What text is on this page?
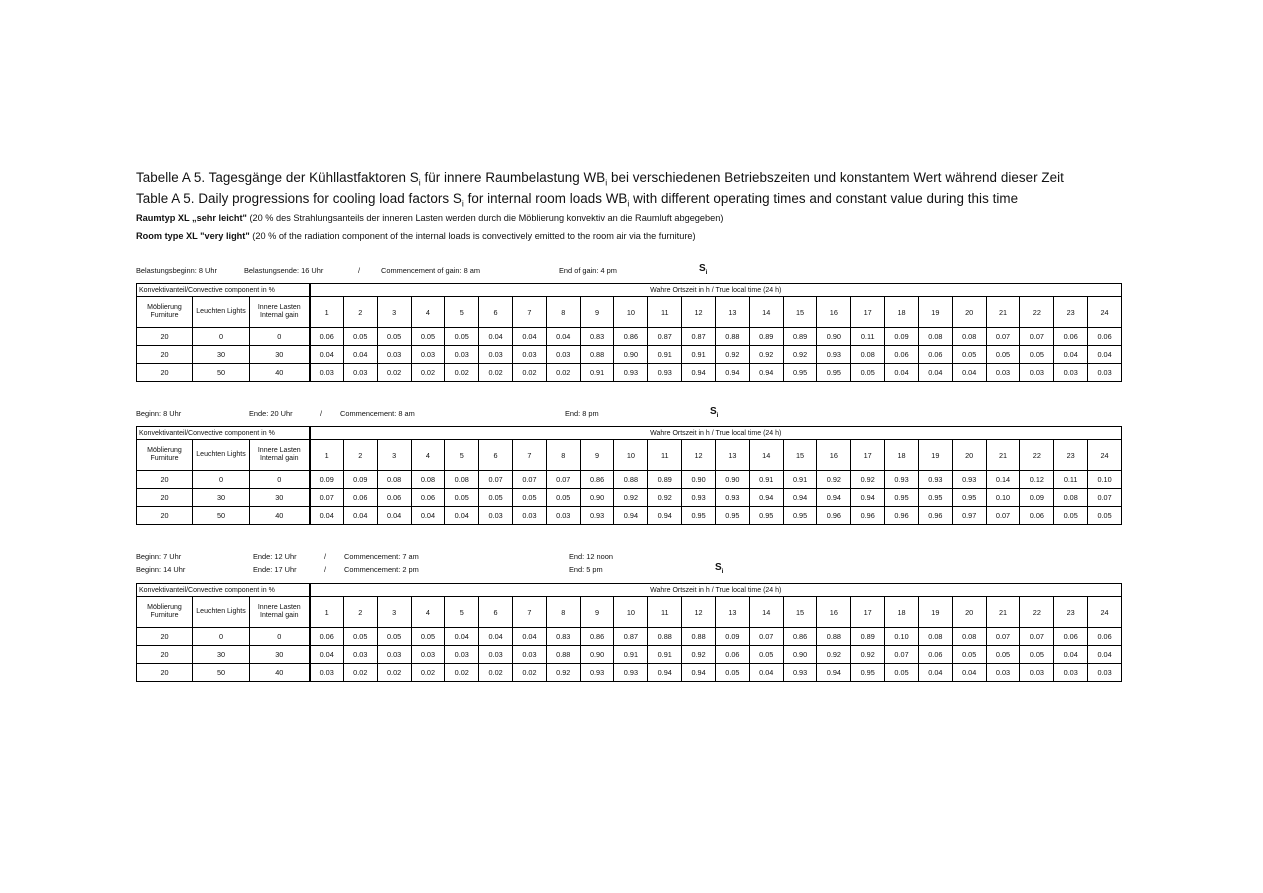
Tabelle A 5. Tagesgänge der Kühllastfaktoren $S_i$ für innere Raumbelastung $WB_i$ bei verschiedenen Betriebszeiten und konstantem Wert während dieser Zeit
Table A 5. Daily progressions for cooling load factors $S_i$ for internal room loads $WB_i$ with different operating times and constant value during this time
Raumtyp XL „sehr leicht" (20 % des Strahlungsanteils der inneren Lasten werden durch die Möblierung konvektiv an die Raumluft abgegeben)
Room type XL "very light" (20 % of the radiation component of the internal loads is convectively emitted to the room air via the furniture)
Belastungsbeginn: 8 Uhr	Belastungsende: 16 Uhr	/	Commencement of gain: 8 am	End of gain: 4 pm	$S_i$
Konvektivanteil/Convective component in %			Wahre Ortszeit in h / True local time (24 h)																							
Möblierung Furniture	Leuchten Lights	Innere Lasten Internal gain	1	2	3	4	5	6	7	8	9	10	11	12	13	14	15	16	17	18	19	20	21	22	23	24
20	0	0	0.06	0.05	0.05	0.05	0.05	0.04	0.04	0.04	0.83	0.86	0.87	0.87	0.88	0.89	0.89	0.90	0.11	0.09	0.08	0.08	0.07	0.07	0.06	0.06
20	30	30	0.04	0.04	0.03	0.03	0.03	0.03	0.03	0.03	0.88	0.90	0.91	0.91	0.92	0.92	0.92	0.93	0.08	0.06	0.06	0.05	0.05	0.05	0.04	0.04
20	50	40	0.03	0.03	0.02	0.02	0.02	0.02	0.02	0.02	0.91	0.93	0.93	0.94	0.94	0.94	0.95	0.95	0.05	0.04	0.04	0.04	0.03	0.03	0.03	0.03
Beginn: 8 Uhr	Ende: 20 Uhr	/ Commencement: 8 am	End: 8 pm	$S_i$
Konvektivanteil/Convective component in %			Wahre Ortszeit in h / True local time (24 h)																							
Möblierung Furniture	Leuchten Lights	Innere Lasten Internal gain	1	2	3	4	5	6	7	8	9	10	11	12	13	14	15	16	17	18	19	20	21	22	23	24
20	0	0	0.09	0.09	0.08	0.08	0.08	0.07	0.07	0.07	0.86	0.88	0.89	0.90	0.90	0.91	0.91	0.92	0.92	0.93	0.93	0.93	0.14	0.12	0.11	0.10
20	30	30	0.07	0.06	0.06	0.06	0.05	0.05	0.05	0.05	0.90	0.92	0.92	0.93	0.93	0.94	0.94	0.94	0.94	0.95	0.95	0.95	0.10	0.09	0.08	0.07
20	50	40	0.04	0.04	0.04	0.04	0.04	0.03	0.03	0.03	0.93	0.94	0.94	0.95	0.95	0.95	0.95	0.96	0.96	0.96	0.96	0.97	0.07	0.06	0.05	0.05
Beginn: 7 Uhr	Ende: 12 Uhr	/ Commencement: 7 am	End: 12 noon
Beginn: 14 Uhr	Ende: 17 Uhr	/ Commencement: 2 pm	End: 5 pm	$S_i$
Konvektivanteil/Convective component in %			Wahre Ortszeit in h / True local time (24 h)																							
Möblierung Furniture	Leuchten Lights	Innere Lasten Internal gain	1	2	3	4	5	6	7	8	9	10	11	12	13	14	15	16	17	18	19	20	21	22	23	24
20	0	0	0.06	0.05	0.05	0.05	0.04	0.04	0.04	0.83	0.86	0.87	0.88	0.88	0.09	0.07	0.86	0.88	0.89	0.10	0.08	0.08	0.07	0.07	0.06	0.06
20	30	30	0.04	0.03	0.03	0.03	0.03	0.03	0.03	0.88	0.90	0.91	0.91	0.92	0.06	0.05	0.90	0.92	0.92	0.07	0.06	0.05	0.05	0.05	0.04	0.04
20	50	40	0.03	0.02	0.02	0.02	0.02	0.02	0.02	0.92	0.93	0.93	0.94	0.94	0.05	0.04	0.93	0.94	0.95	0.05	0.04	0.04	0.03	0.03	0.03	0.03
